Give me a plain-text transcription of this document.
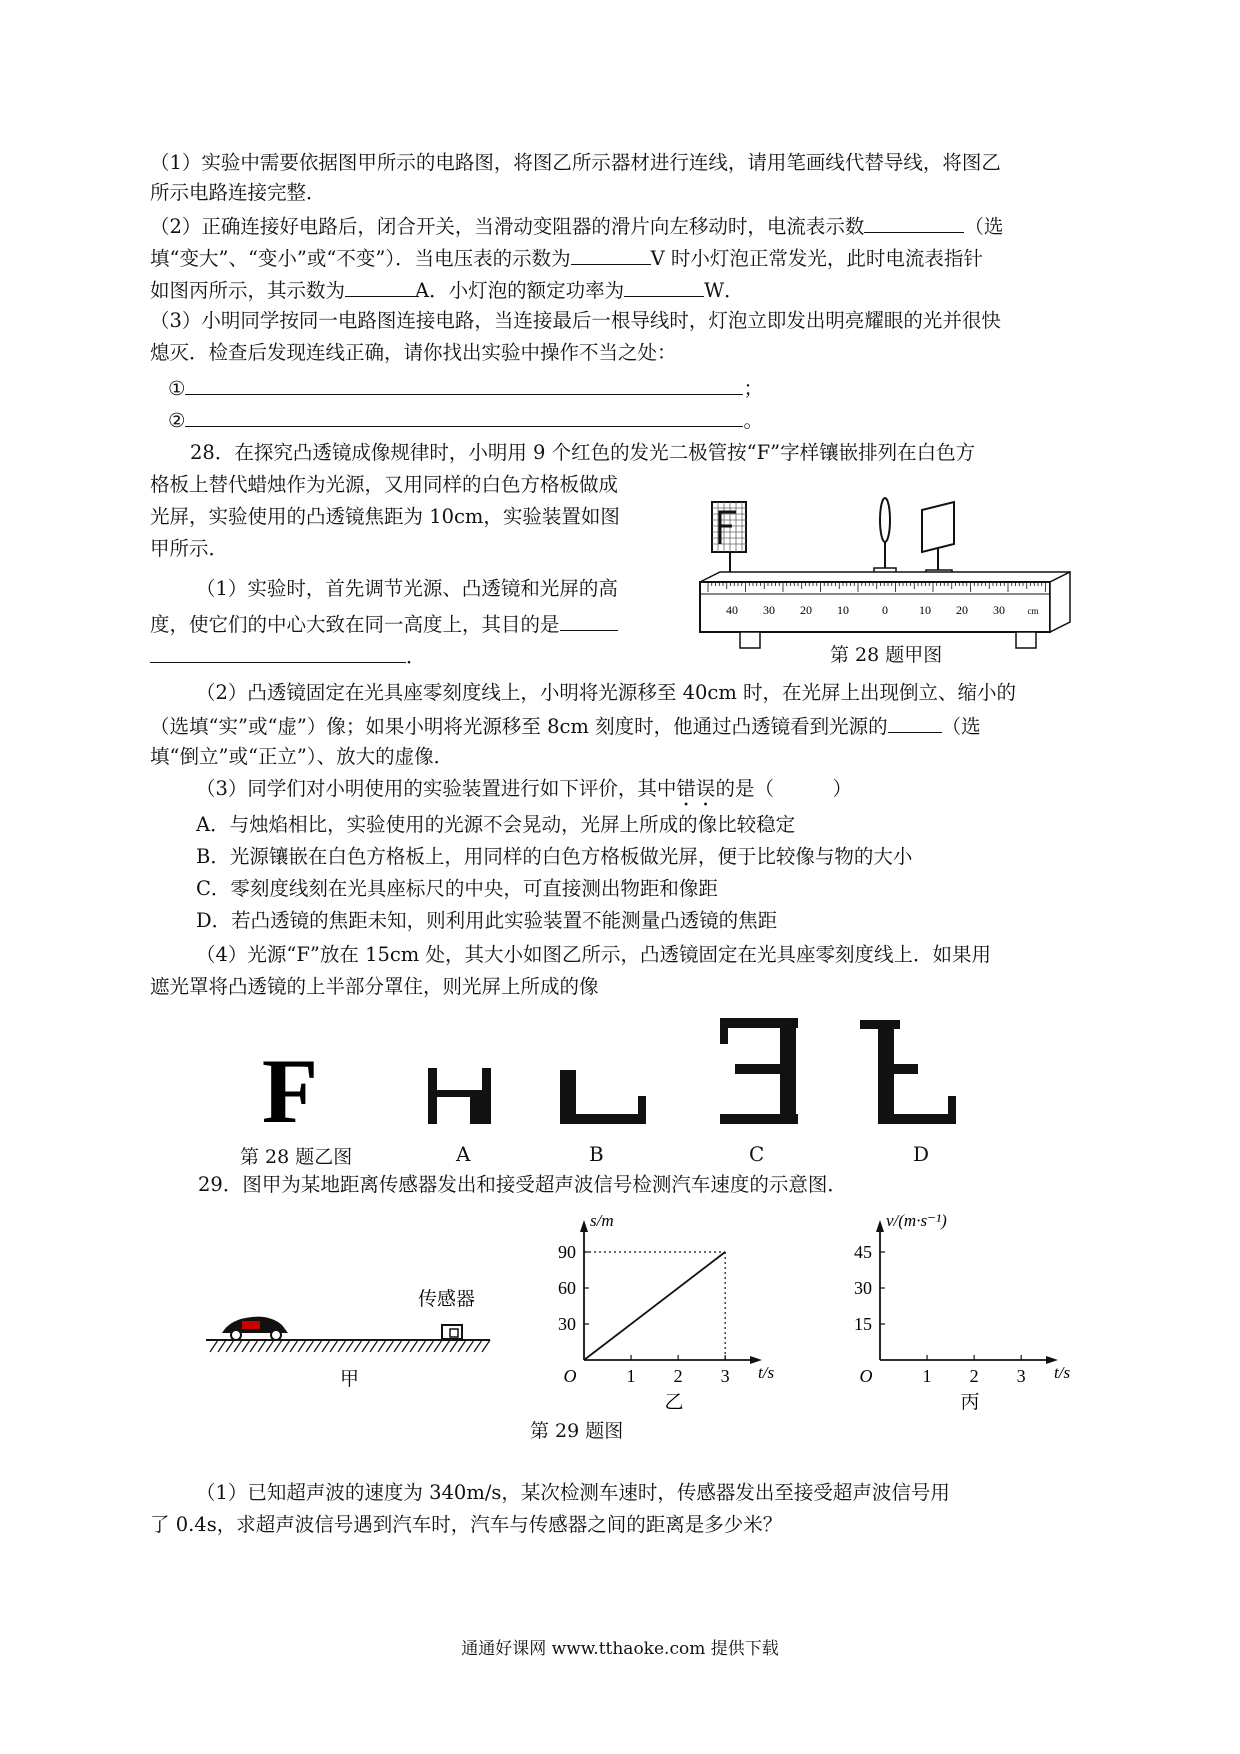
（1）实验中需要依据图甲所示的电路图，将图乙所示器材进行连线，请用笔画线代替导线，将图乙
所示电路连接完整．
（2）正确连接好电路后，闭合开关，当滑动变阻器的滑片向左移动时，电流表示数	（选
填“变大”、“变小”或“不变”）．当电压表的示数为	V 时小灯泡正常发光，此时电流表指针
如图丙所示，其示数为	A．小灯泡的额定功率为	W．
（3）小明同学按同一电路图连接电路，当连接最后一根导线时，灯泡立即发出明亮耀眼的光并很快
熄灭．检查后发现连线正确，请你找出实验中操作不当之处：
①	；
②	。
28．在探究凸透镜成像规律时，小明用 9 个红色的发光二极管按“F”字样镶嵌排列在白色方
格板上替代蜡烛作为光源，又用同样的白色方格板做成
光屏，实验使用的凸透镜焦距为 10cm，实验装置如图
甲所示．
（1）实验时，首先调节光源、凸透镜和光屏的高
度，使它们的中心大致在同一高度上，其目的是
．
40 30 20 10	0	10 20 30	cm
第 28 题甲图
（2）凸透镜固定在光具座零刻度线上，小明将光源移至 40cm 时，在光屏上出现倒立、缩小的
（选填“实”或“虚”）像；如果小明将光源移至 8cm 刻度时，他通过凸透镜看到光源的	（选
填“倒立”或“正立”）、放大的虚像．
（3）同学们对小明使用的实验装置进行如下评价，其中错误的是（　　　）
A．与烛焰相比，实验使用的光源不会晃动，光屏上所成的像比较稳定
B．光源镶嵌在白色方格板上，用同样的白色方格板做光屏，便于比较像与物的大小
C．零刻度线刻在光具座标尺的中央，可直接测出物距和像距
D．若凸透镜的焦距未知，则利用此实验装置不能测量凸透镜的焦距
（4）光源“F”放在 15cm 处，其大小如图乙所示，凸透镜固定在光具座零刻度线上．如果用
遮光罩将凸透镜的上半部分罩住，则光屏上所成的像
F
第 28 题乙图	A	B	C	D
29．图甲为某地距离传感器发出和接受超声波信号检测汽车速度的示意图．
传感器
甲	1 2 3
30
60
90
O	t/s
s/m
乙
1 2 3
15
30
45
O	t/s
v/(m·s⁻¹)
丙
第 29 题图
（1）已知超声波的速度为 340m/s，某次检测车速时，传感器发出至接受超声波信号用
了 0.4s，求超声波信号遇到汽车时，汽车与传感器之间的距离是多少米？
通通好课网 www.tthaoke.com 提供下载
